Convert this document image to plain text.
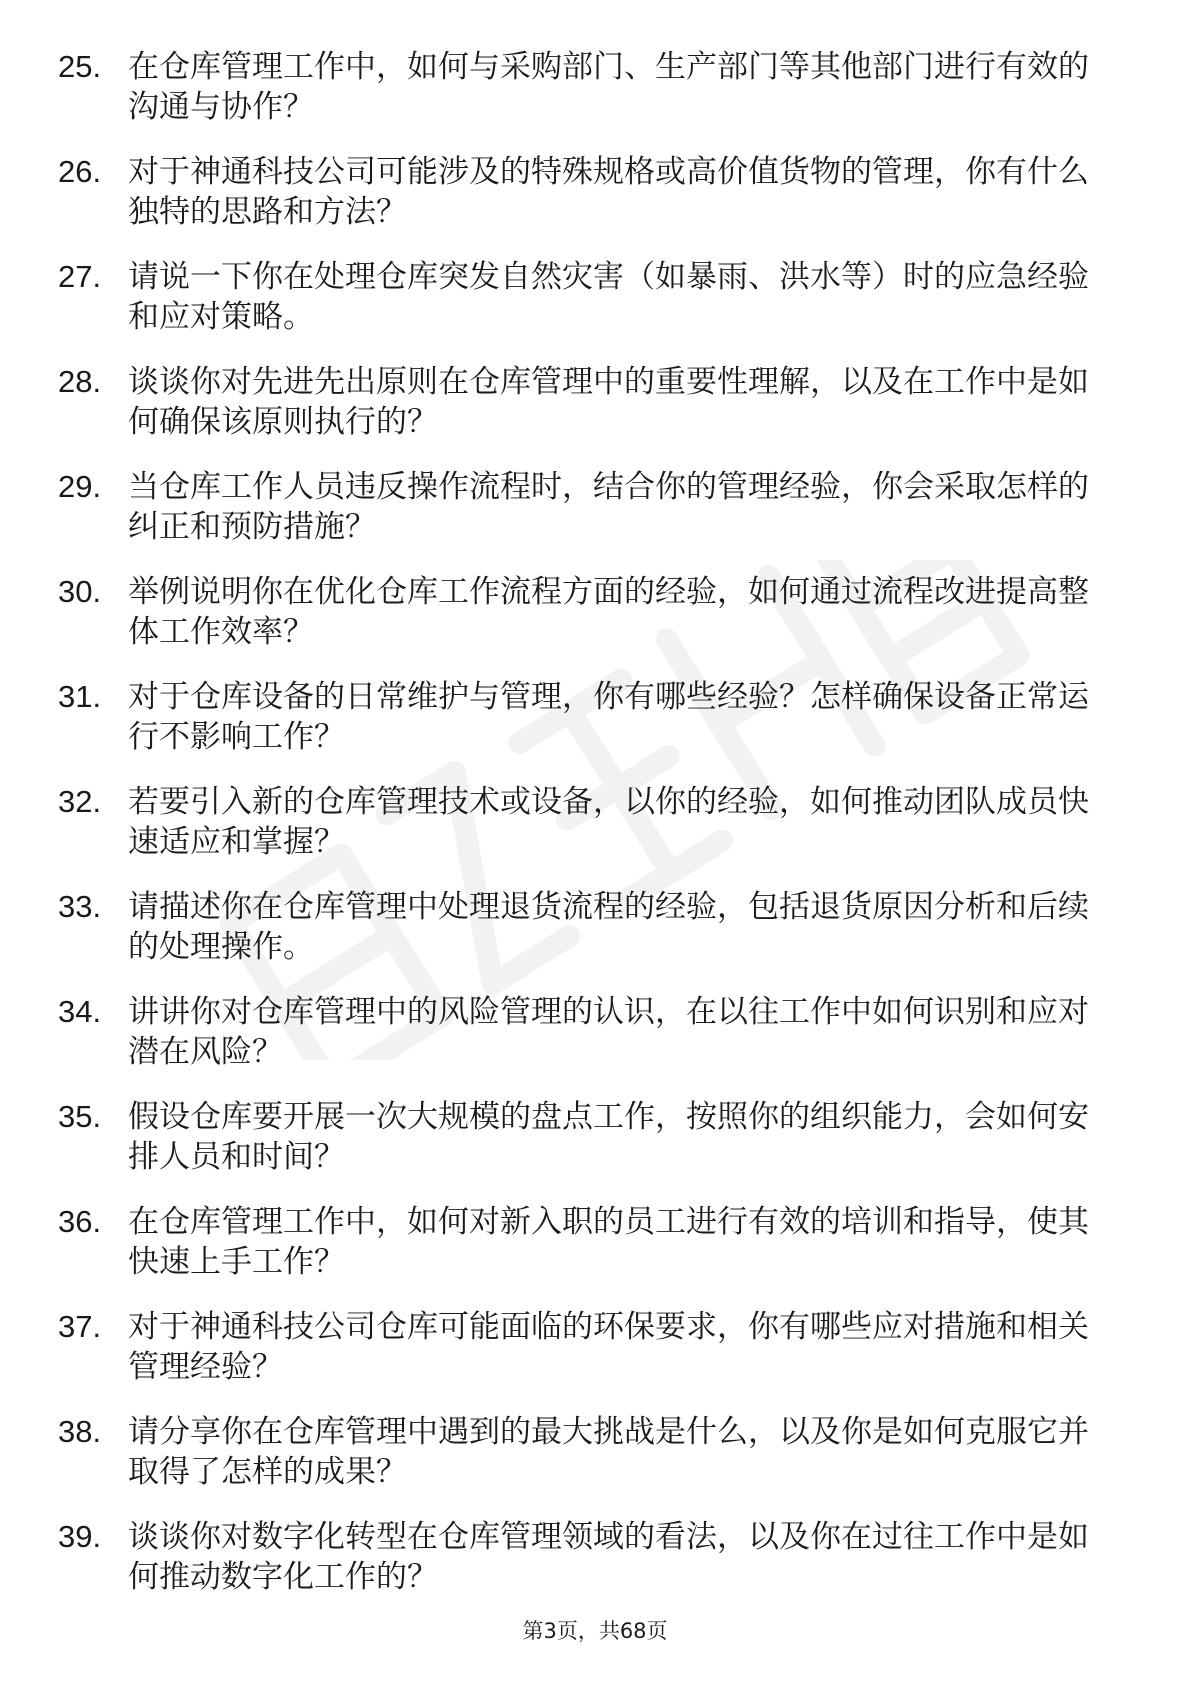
25. 在仓库管理工作中，如何与采购部门、生产部门等其他部门进行有效的沟通与协作？
26. 对于神通科技公司可能涉及的特殊规格或高价值货物的管理，你有什么独特的思路和方法？
27. 请说一下你在处理仓库突发自然灾害（如暴雨、洪水等）时的应急经验和应对策略。
28. 谈谈你对先进先出原则在仓库管理中的重要性理解，以及在工作中是如何确保该原则执行的？
29. 当仓库工作人员违反操作流程时，结合你的管理经验，你会采取怎样的纠正和预防措施？
30. 举例说明你在优化仓库工作流程方面的经验，如何通过流程改进提高整体工作效率？
31. 对于仓库设备的日常维护与管理，你有哪些经验？怎样确保设备正常运行不影响工作？
32. 若要引入新的仓库管理技术或设备，以你的经验，如何推动团队成员快速适应和掌握？
33. 请描述你在仓库管理中处理退货流程的经验，包括退货原因分析和后续的处理操作。
34. 讲讲你对仓库管理中的风险管理的认识，在以往工作中如何识别和应对潜在风险？
35. 假设仓库要开展一次大规模的盘点工作，按照你的组织能力，会如何安排人员和时间？
36. 在仓库管理工作中，如何对新入职的员工进行有效的培训和指导，使其快速上手工作？
37. 对于神通科技公司仓库可能面临的环保要求，你有哪些应对措施和相关管理经验？
38. 请分享你在仓库管理中遇到的最大挑战是什么，以及你是如何克服它并取得了怎样的成果？
39. 谈谈你对数字化转型在仓库管理领域的看法，以及你在过往工作中是如何推动数字化工作的？
第3页，共68页
